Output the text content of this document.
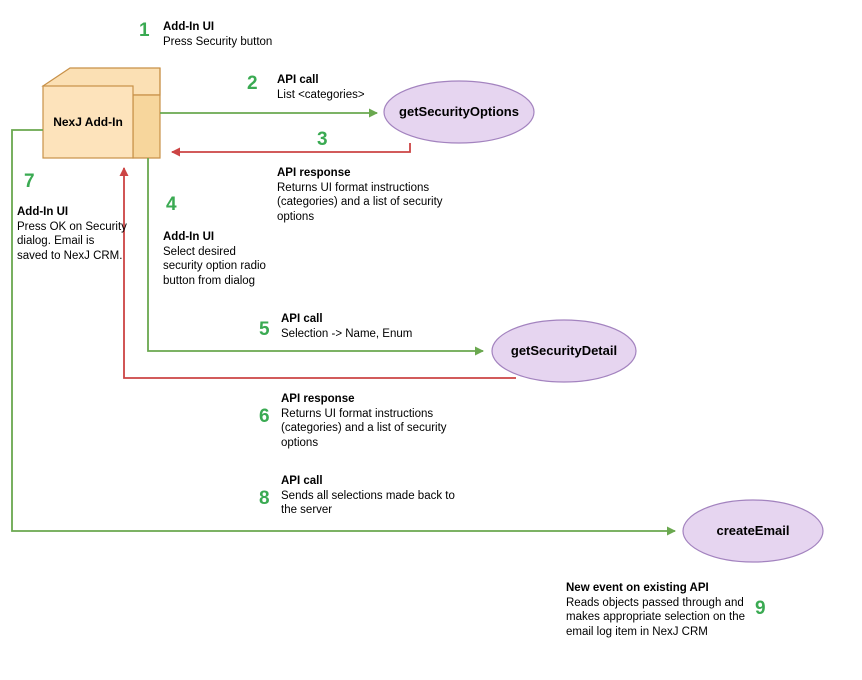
NexJ Add-In
getSecurityOptions
getSecurityDetail
createEmail
1 Add-In UI
Press Security button
2 API call
List <categories>
3
API response
Returns UI format instructions (categories) and a list of security options
4
Add-In UI
Select desired security option radio button from dialog
5 API call
Selection -> Name, Enum
6
API response
Returns UI format instructions (categories) and a list of security options
7
Add-In UI
Press OK on Security dialog. Email is saved to NexJ CRM.
8
API call
Sends all selections made back to the server
9
New event on existing API
Reads objects passed through and makes appropriate selection on the email log item in NexJ CRM
